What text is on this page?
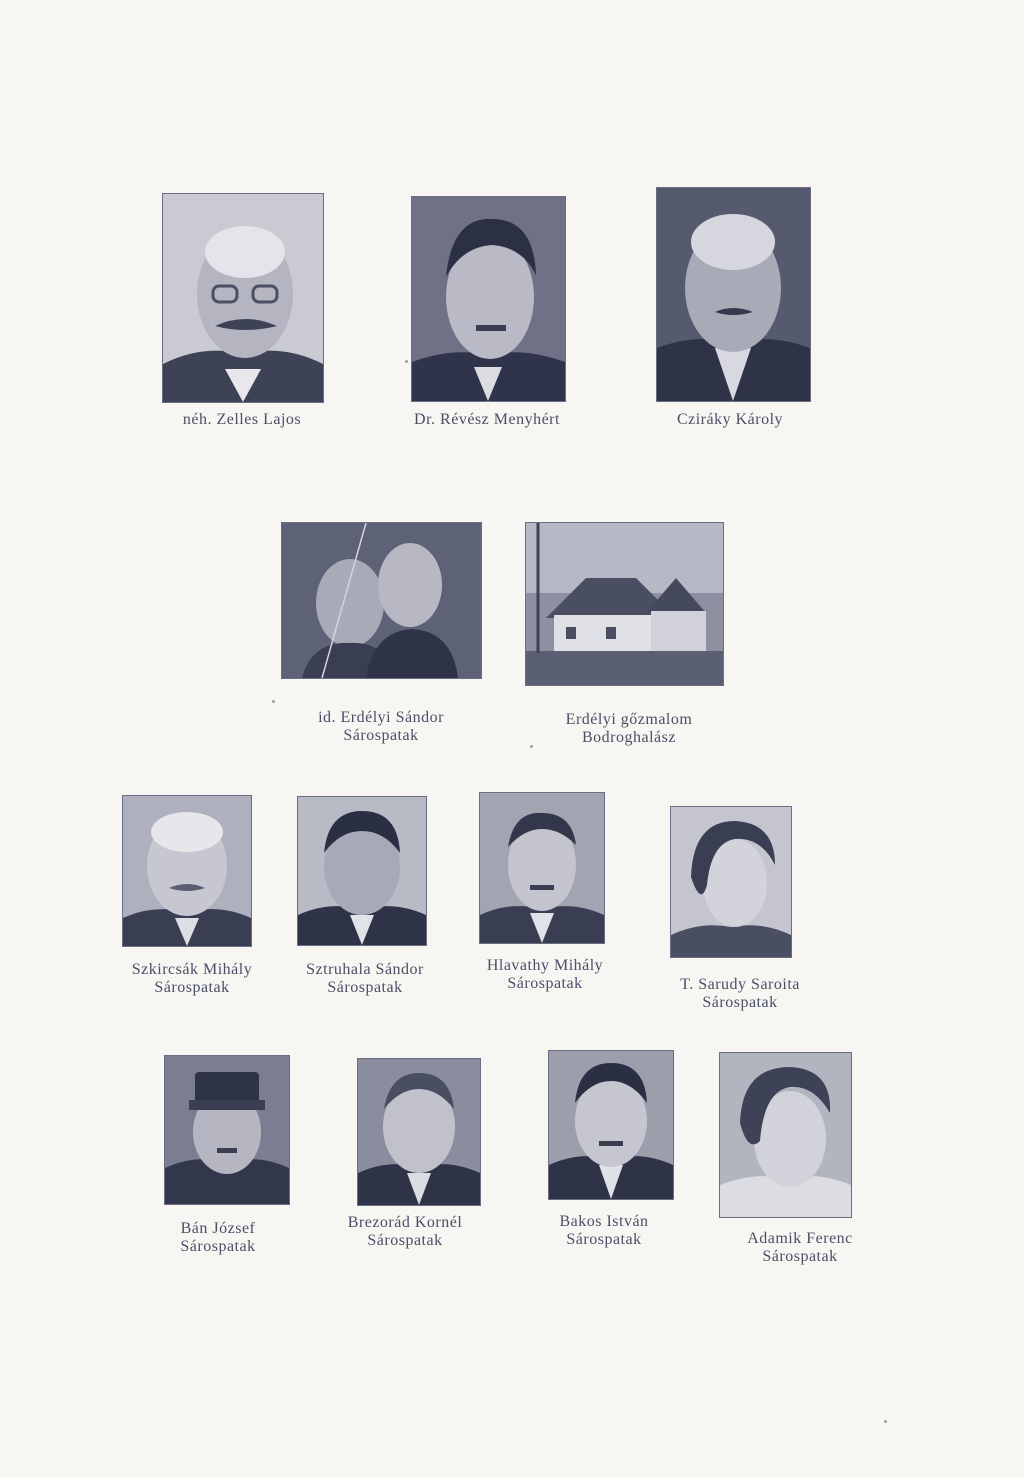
néh. Zelles Lajos	Dr. Révész Menyhért	Cziráky Károly
id. Erdélyi Sándor
Sárospatak
Erdélyi gőzmalom
Bodroghalász
Szkircsák Mihály
Sárospatak
Sztruhala Sándor
Sárospatak
Hlavathy Mihály
Sárospatak	T. Sarudy Saroita
Sárospatak
Bán József
Sárospatak
Brezorád Kornél
Sárospatak
Bakos István
Sárospatak	Adamik Ferenc
Sárospatak
